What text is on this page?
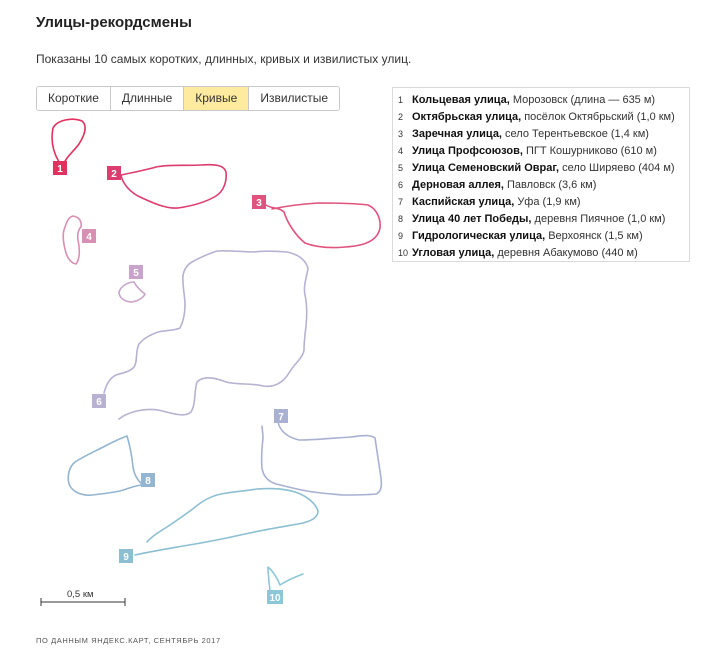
Улицы-рекордсмены
Показаны 10 самых коротких, длинных, кривых и извилистых улиц.
Короткие	Длинные	Кривые	Извилистые	1 Кольцевая улица, Морозовск (длина — 635 м)
2 Октябрьская улица, посёлок Октябрьский (1,0 км)
3 Заречная улица, село Терентьевское (1,4 км)
4 Улица Профсоюзов, ПГТ Кошурниково (610 м)
5 Улица Семеновский Овраг, село Ширяево (404 м)
6 Дерновая аллея, Павловск (3,6 км)
7 Каспийская улица, Уфа (1,9 км)
8 Улица 40 лет Победы, деревня Пиячное (1,0 км)
9 Гидрологическая улица, Верхоянск (1,5 км)
10 Угловая улица, деревня Абакумово (440 м)
1	2
3
4
5
6
7
8
9
10
0,5 км
ПО ДАННЫМ ЯНДЕКС.КАРТ, СЕНТЯБРЬ 2017
